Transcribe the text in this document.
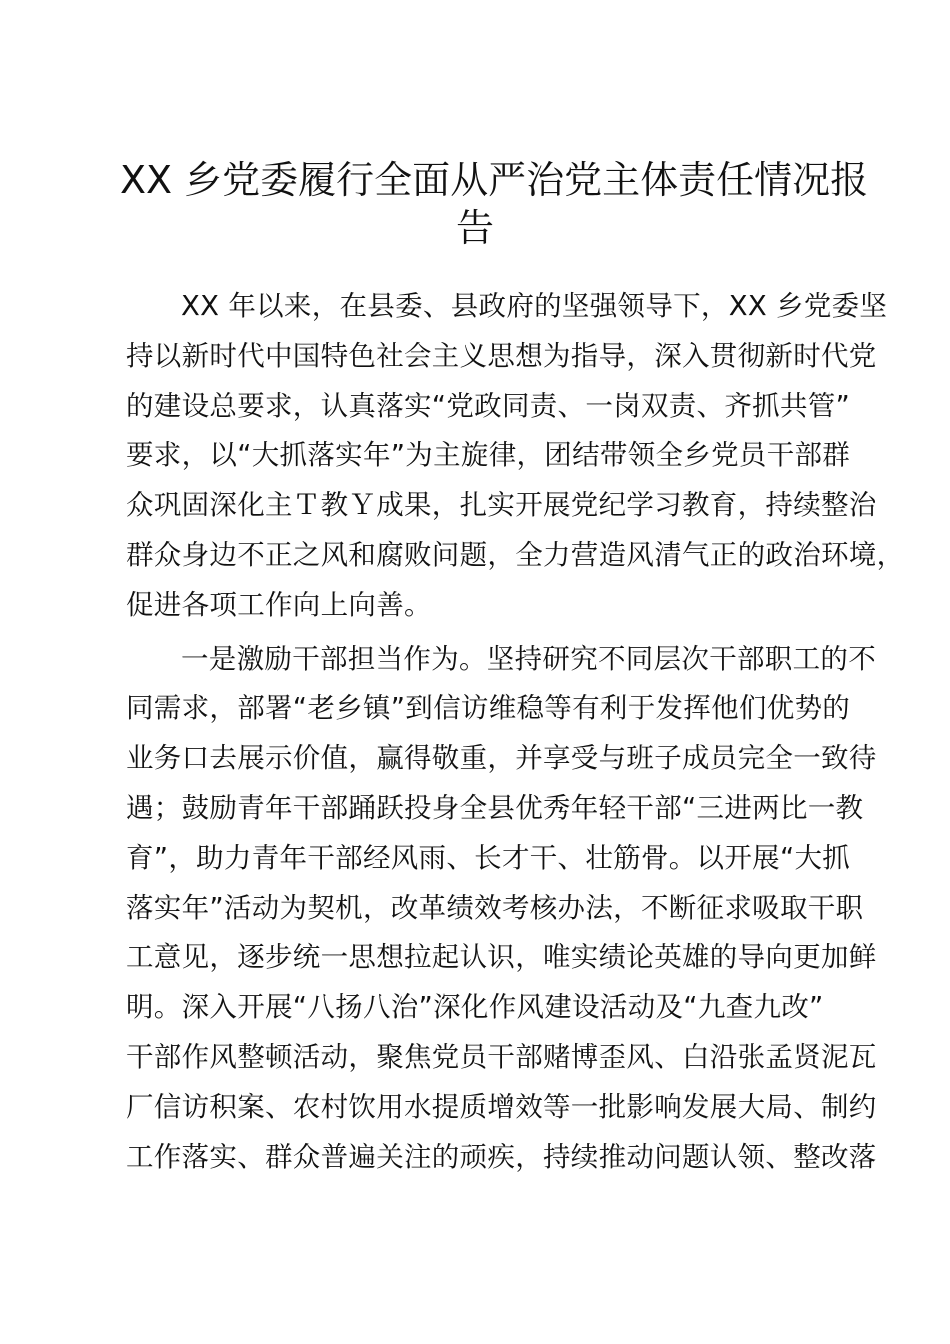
XX 乡党委履行全面从严治党主体责任情况报
告
XX 年以来，在县委、县政府的坚强领导下，XX 乡党委坚
持以新时代中国特色社会主义思想为指导，深入贯彻新时代党
的建设总要求，认真落实“党政同责、一岗双责、齐抓共管”
要求，以“大抓落实年”为主旋律，团结带领全乡党员干部群
众巩固深化主Ｔ教Ｙ成果，扎实开展党纪学习教育，持续整治
群众身边不正之风和腐败问题，全力营造风清气正的政治环境，
促进各项工作向上向善。
一是激励干部担当作为。坚持研究不同层次干部职工的不
同需求，部署“老乡镇”到信访维稳等有利于发挥他们优势的
业务口去展示价值，赢得敬重，并享受与班子成员完全一致待
遇；鼓励青年干部踊跃投身全县优秀年轻干部“三进两比一教
育”，助力青年干部经风雨、长才干、壮筋骨。以开展“大抓
落实年”活动为契机，改革绩效考核办法，不断征求吸取干职
工意见，逐步统一思想拉起认识，唯实绩论英雄的导向更加鲜
明。深入开展“八扬八治”深化作风建设活动及“九查九改”
干部作风整顿活动，聚焦党员干部赌博歪风、白沿张孟贤泥瓦
厂信访积案、农村饮用水提质增效等一批影响发展大局、制约
工作落实、群众普遍关注的顽疾，持续推动问题认领、整改落
